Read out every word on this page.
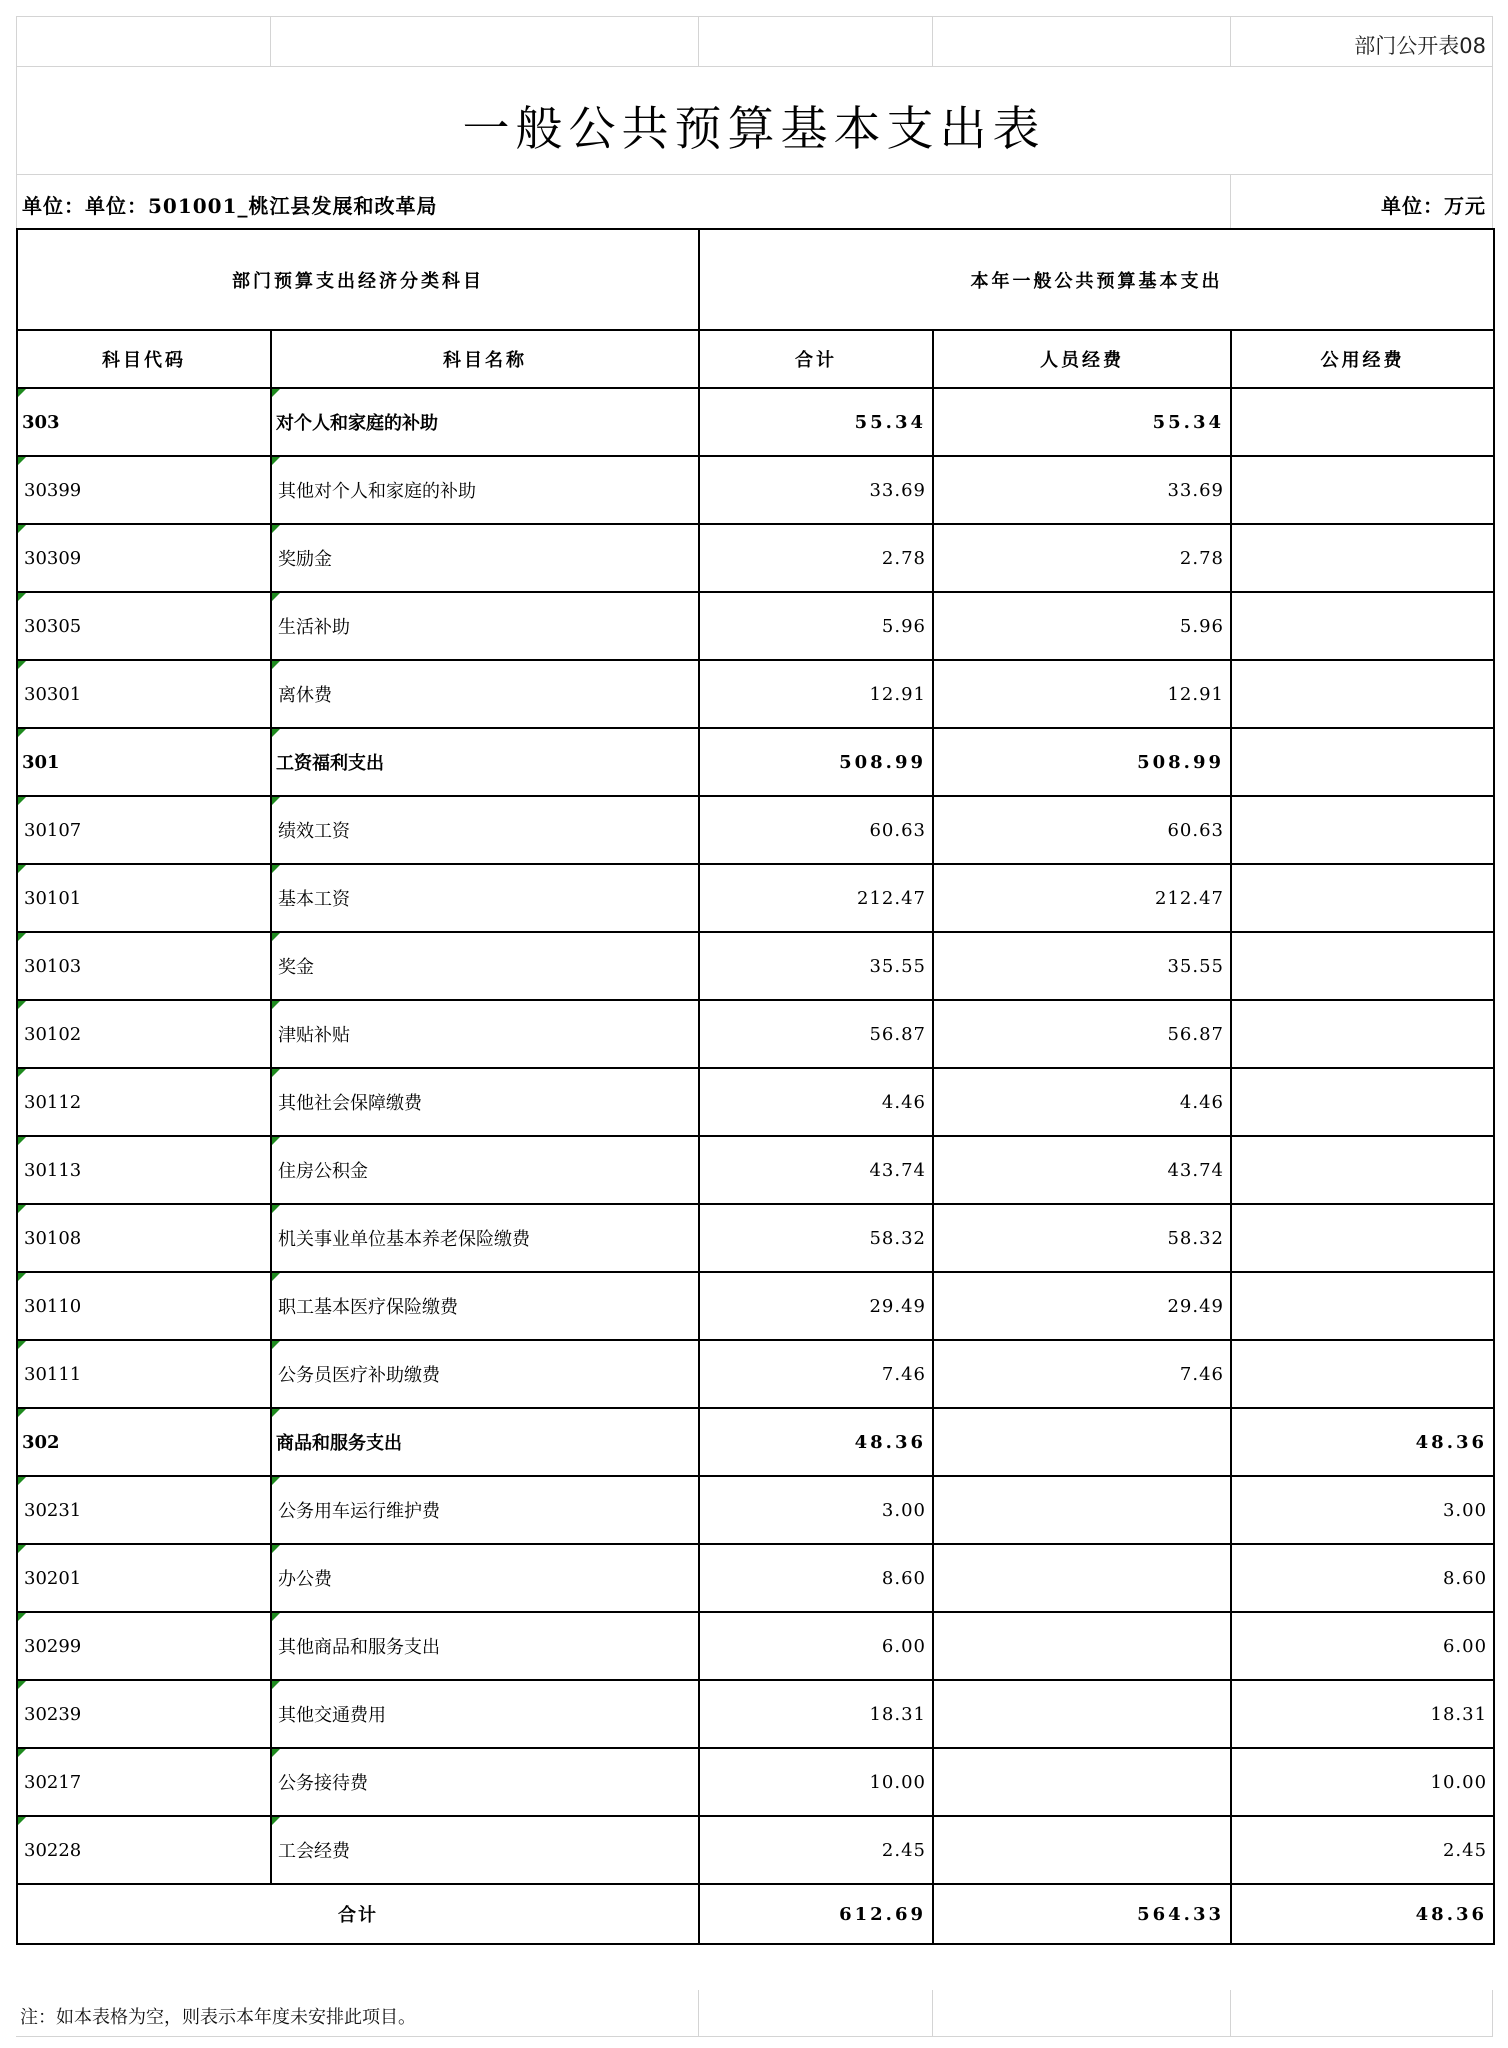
部门公开表08
一般公共预算基本支出表
单位：单位：501001_桃江县发展和改革局	单位：万元
部门预算支出经济分类科目		本年一般公共预算基本支出		
科目代码	科目名称	合计	人员经费	公用经费

303	对个人和家庭的补助	55.34	55.34	

30399	其他对个人和家庭的补助	33.69	33.69	

30309	奖励金	2.78	2.78	

30305	生活补助	5.96	5.96	

30301	离休费	12.91	12.91	

301	工资福利支出	508.99	508.99	

30107	绩效工资	60.63	60.63	

30101	基本工资	212.47	212.47	

30103	奖金	35.55	35.55	

30102	津贴补贴	56.87	56.87	

30112	其他社会保障缴费	4.46	4.46	

30113	住房公积金	43.74	43.74	

30108	机关事业单位基本养老保险缴费	58.32	58.32	

30110	职工基本医疗保险缴费	29.49	29.49	

30111	公务员医疗补助缴费	7.46	7.46	

302	商品和服务支出	48.36		48.36

30231	公务用车运行维护费	3.00		3.00

30201	办公费	8.60		8.60

30299	其他商品和服务支出	6.00		6.00

30239	其他交通费用	18.31		18.31

30217	公务接待费	10.00		10.00

30228	工会经费	2.45		2.45
合计		612.69	564.33	48.36
注：如本表格为空，则表示本年度未安排此项目。
